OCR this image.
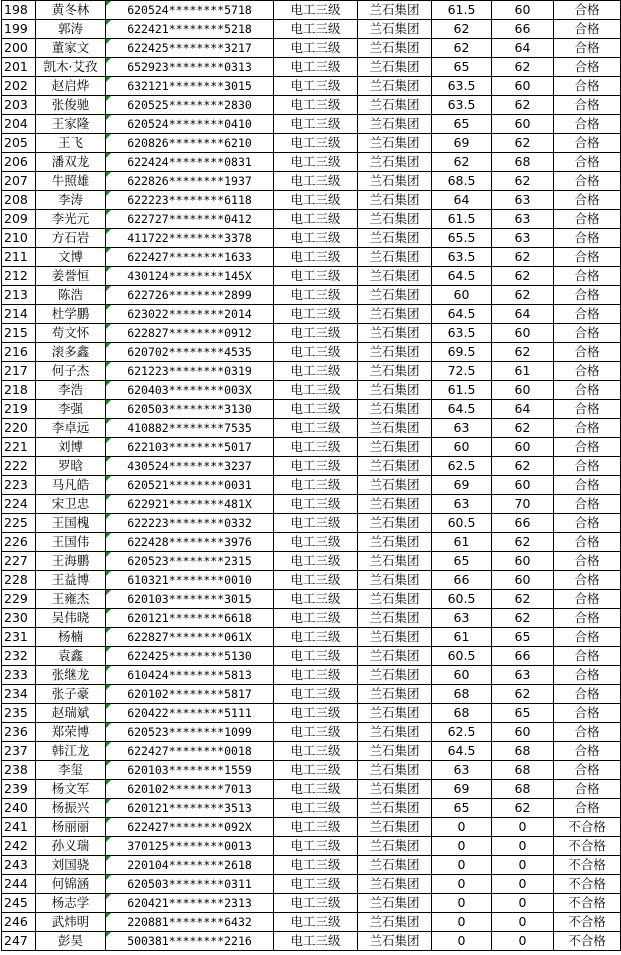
198	黄冬林	620524********5718	电工三级	兰石集团	61.5	60	合格
199	郭涛	622421********5218	电工三级	兰石集团	62	66	合格
200	董家文	622425********3217	电工三级	兰石集团	62	64	合格
201	凯木·艾孜	652923********0313	电工三级	兰石集团	65	62	合格
202	赵启烨	632121********3015	电工三级	兰石集团	63.5	60	合格
203	张俊驰	620525********2830	电工三级	兰石集团	63.5	62	合格
204	王家隆	620524********0410	电工三级	兰石集团	65	60	合格
205	王飞	620826********6210	电工三级	兰石集团	69	62	合格
206	潘双龙	622424********0831	电工三级	兰石集团	62	68	合格
207	牛照雄	622826********1937	电工三级	兰石集团	68.5	62	合格
208	李涛	622223********6118	电工三级	兰石集团	64	63	合格
209	李光元	622727********0412	电工三级	兰石集团	61.5	63	合格
210	方石岩	411722********3378	电工三级	兰石集团	65.5	63	合格
211	文博	622427********1633	电工三级	兰石集团	63.5	62	合格
212	姜誉恒	430124********145X	电工三级	兰石集团	64.5	62	合格
213	陈浩	622726********2899	电工三级	兰石集团	60	62	合格
214	杜学鹏	623022********2014	电工三级	兰石集团	64.5	64	合格
215	苟文怀	622827********0912	电工三级	兰石集团	63.5	60	合格
216	滚多鑫	620702********4535	电工三级	兰石集团	69.5	62	合格
217	何子杰	621223********0319	电工三级	兰石集团	72.5	61	合格
218	李浩	620403********003X	电工三级	兰石集团	61.5	60	合格
219	李强	620503********3130	电工三级	兰石集团	64.5	64	合格
220	李卓远	410882********7535	电工三级	兰石集团	63	62	合格
221	刘博	622103********5017	电工三级	兰石集团	60	60	合格
222	罗晗	430524********3237	电工三级	兰石集团	62.5	62	合格
223	马凡皓	620521********0031	电工三级	兰石集团	69	60	合格
224	宋卫忠	622921********481X	电工三级	兰石集团	63	70	合格
225	王国槐	622223********0332	电工三级	兰石集团	60.5	66	合格
226	王国伟	622428********3976	电工三级	兰石集团	61	62	合格
227	王海鹏	620523********2315	电工三级	兰石集团	65	60	合格
228	王益博	610321********0010	电工三级	兰石集团	66	60	合格
229	王雍杰	620103********3015	电工三级	兰石集团	60.5	62	合格
230	吴伟晓	620121********6618	电工三级	兰石集团	63	62	合格
231	杨楠	622827********061X	电工三级	兰石集团	61	65	合格
232	袁鑫	622425********5130	电工三级	兰石集团	60.5	66	合格
233	张继龙	610424********5813	电工三级	兰石集团	60	63	合格
234	张子豪	620102********5817	电工三级	兰石集团	68	62	合格
235	赵瑞斌	620422********5111	电工三级	兰石集团	68	65	合格
236	郑荣博	620523********1099	电工三级	兰石集团	62.5	60	合格
237	韩江龙	622427********0018	电工三级	兰石集团	64.5	68	合格
238	李玺	620103********1559	电工三级	兰石集团	63	68	合格
239	杨文军	620102********7013	电工三级	兰石集团	69	68	合格
240	杨振兴	620121********3513	电工三级	兰石集团	65	62	合格
241	杨丽丽	622427********092X	电工三级	兰石集团	0	0	不合格
242	孙义瑞	370125********0013	电工三级	兰石集团	0	0	不合格
243	刘国骁	220104********2618	电工三级	兰石集团	0	0	不合格
244	何锦涵	620503********0311	电工三级	兰石集团	0	0	不合格
245	杨志学	620421********2313	电工三级	兰石集团	0	0	不合格
246	武炜明	220881********6432	电工三级	兰石集团	0	0	不合格
247	彭昊	500381********2216	电工三级	兰石集团	0	0	不合格
